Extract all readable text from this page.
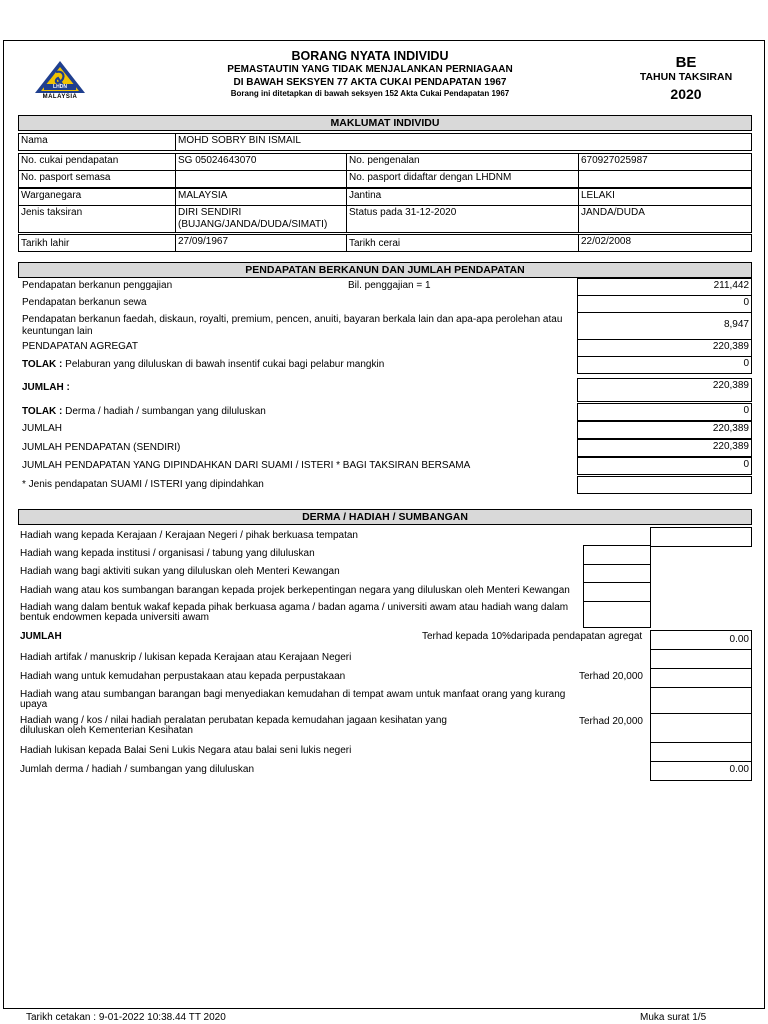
LHDN
MALAYSIA
BORANG NYATA INDIVIDU
PEMASTAUTIN YANG TIDAK MENJALANKAN PERNIAGAAN
DI BAWAH SEKSYEN 77 AKTA CUKAI PENDAPATAN 1967
Borang ini ditetapkan di bawah seksyen 152 Akta Cukai Pendapatan 1967
BE
TAHUN TAKSIRAN
2020
MAKLUMAT INDIVIDU
Nama	MOHD SOBRY BIN ISMAIL
No. cukai pendapatan	SG 05024643070	No. pengenalan	670927025987
No. pasport semasa	No. pasport didaftar dengan LHDNM
Warganegara	MALAYSIA	Jantina	LELAKI
Jenis taksiran	DIRI SENDIRI
(BUJANG/JANDA/DUDA/SIMATI)
Status pada 31-12-2020	JANDA/DUDA
Tarikh lahir	27/09/1967	Tarikh cerai	22/02/2008
PENDAPATAN BERKANUN DAN JUMLAH PENDAPATAN
Pendapatan berkanun penggajian	Bil. penggajian = 1	211,442
Pendapatan berkanun sewa	0
Pendapatan berkanun faedah, diskaun, royalti, premium, pencen, anuiti, bayaran berkala lain dan apa-apa perolehan atau keuntungan lain
8,947
PENDAPATAN AGREGAT	220,389
TOLAK : Pelaburan yang diluluskan di bawah insentif cukai bagi pelabur mangkin	0
JUMLAH :	220,389
TOLAK : Derma / hadiah / sumbangan yang diluluskan	0
JUMLAH	220,389
JUMLAH PENDAPATAN (SENDIRI)	220,389
JUMLAH PENDAPATAN YANG DIPINDAHKAN DARI SUAMI / ISTERI * BAGI TAKSIRAN BERSAMA	0
* Jenis pendapatan SUAMI / ISTERI yang dipindahkan
DERMA / HADIAH / SUMBANGAN
Hadiah wang kepada Kerajaan / Kerajaan Negeri / pihak berkuasa tempatan
Hadiah wang kepada institusi / organisasi / tabung yang diluluskan
Hadiah wang bagi aktiviti sukan yang diluluskan oleh Menteri Kewangan
Hadiah wang atau kos sumbangan barangan kepada projek berkepentingan negara yang diluluskan oleh Menteri Kewangan
Hadiah wang dalam bentuk wakaf kepada pihak berkuasa agama / badan agama / universiti awam atau hadiah wang dalam bentuk endowmen kepada universiti awam
JUMLAH	Terhad kepada 10%daripada pendapatan agregat	0.00
Hadiah artifak / manuskrip / lukisan kepada Kerajaan atau Kerajaan Negeri
Hadiah wang untuk kemudahan perpustakaan atau kepada perpustakaan	Terhad 20,000
Hadiah wang atau sumbangan barangan bagi menyediakan kemudahan di tempat awam untuk manfaat orang yang kurang upaya
Hadiah wang / kos / nilai hadiah peralatan perubatan kepada kemudahan jagaan kesihatan yang
diluluskan oleh Kementerian Kesihatan
Terhad 20,000
Hadiah lukisan kepada Balai Seni Lukis Negara atau balai seni lukis negeri
Jumlah derma / hadiah / sumbangan yang diluluskan	0.00
Tarikh cetakan : 9-01-2022 10:38.44 TT 2020	Muka surat 1/5
